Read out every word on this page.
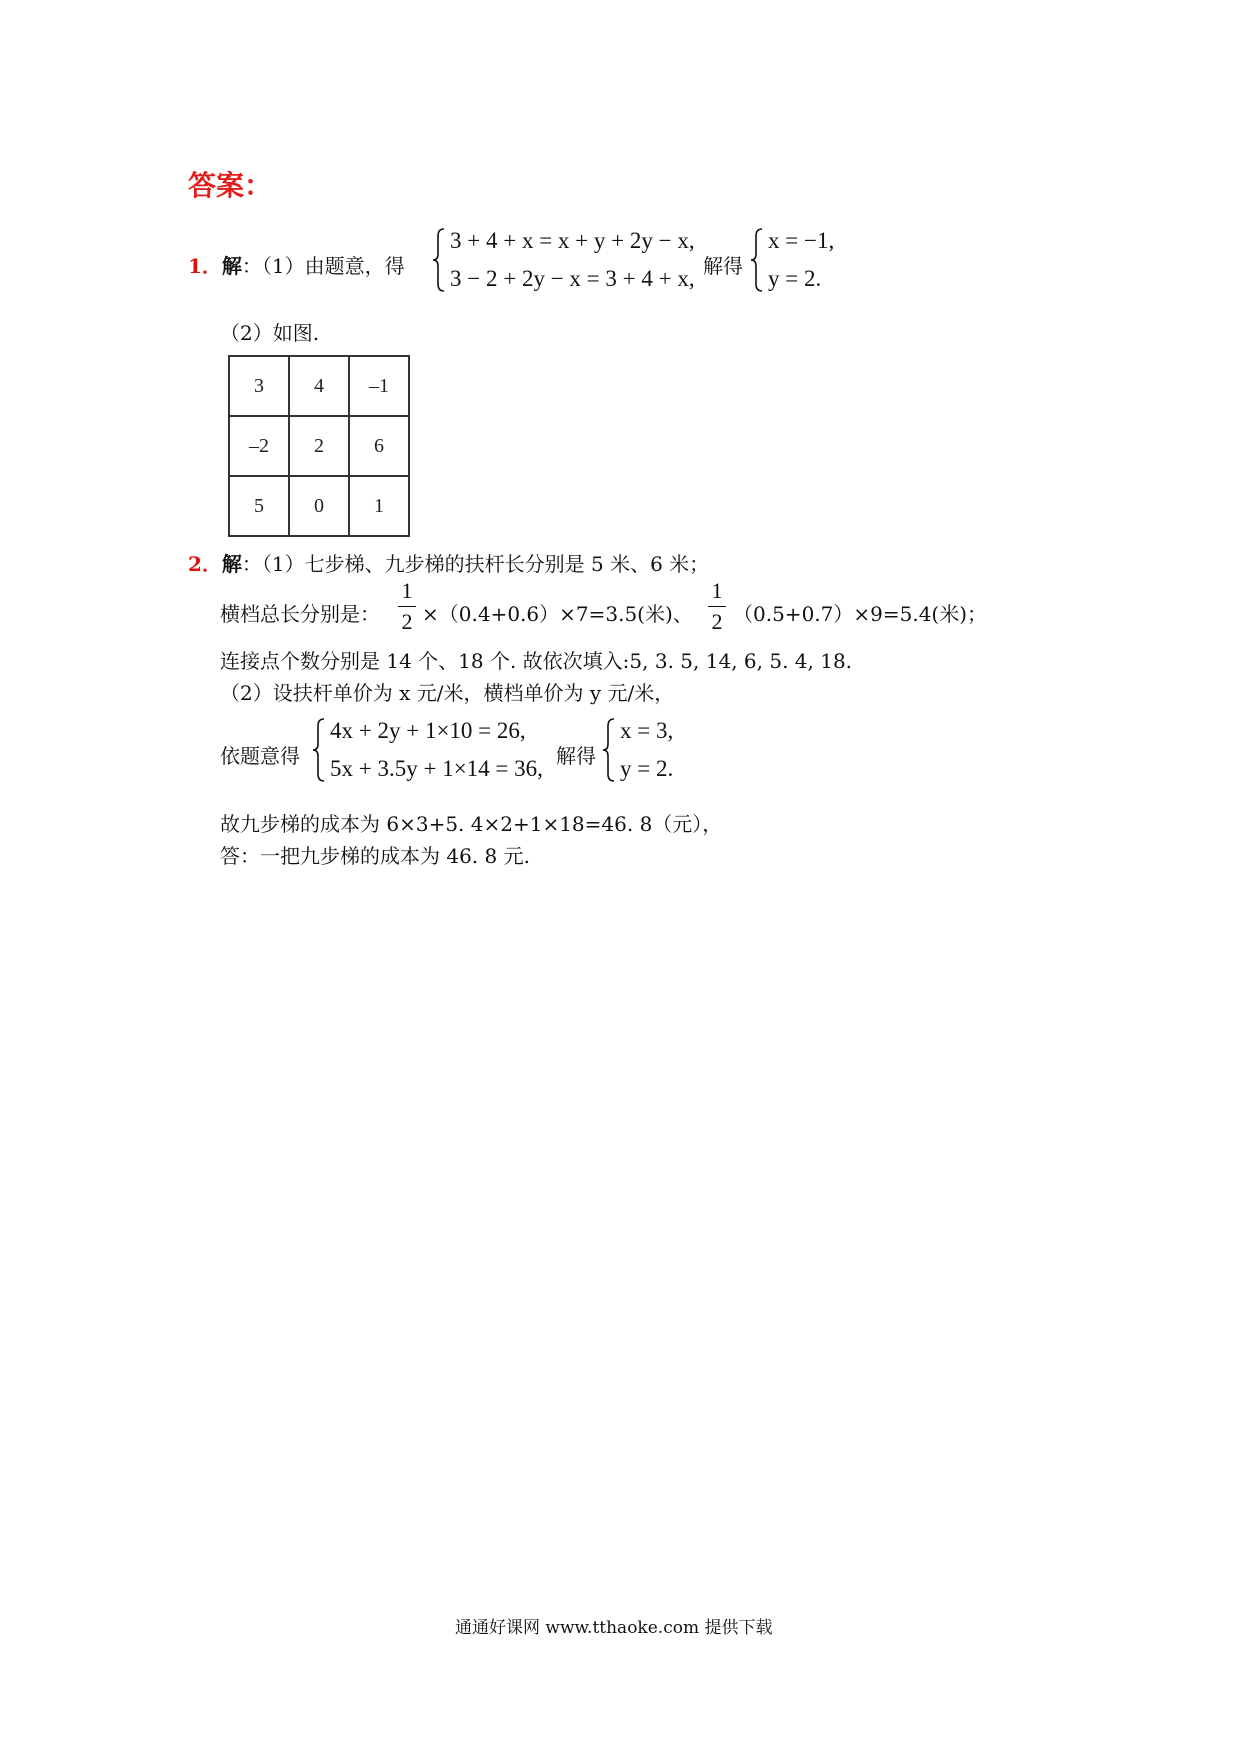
答案：
1．解：（1）由题意，得
3 + 4 + x = x + y + 2y − x,
3 − 2 + 2y − x = 3 + 4 + x, 解得
x = −1,
y = 2.
（2）如图.
3	4	–1
–2	2	6
5	0	1
2．解：（1）七步梯、九步梯的扶杆长分别是 5 米、6 米；
横档总长分别是：
1
2 ×（0.4+0.6）×7=3.5(米)、
1
2 （0.5+0.7）×9=5.4(米)；
连接点个数分别是 14 个、18 个. 故依次填入:5, 3. 5, 14, 6, 5. 4, 18.
（2）设扶杆单价为 x 元/米，横档单价为 y 元/米，
依题意得
4x + 2y + 1×10 = 26,
5x + 3.5y + 1×14 = 36, 解得
x = 3,
y = 2.
故九步梯的成本为 6×3+5. 4×2+1×18=46. 8（元），
答：一把九步梯的成本为 46. 8 元.
通通好课网 www.tthaoke.com 提供下载
